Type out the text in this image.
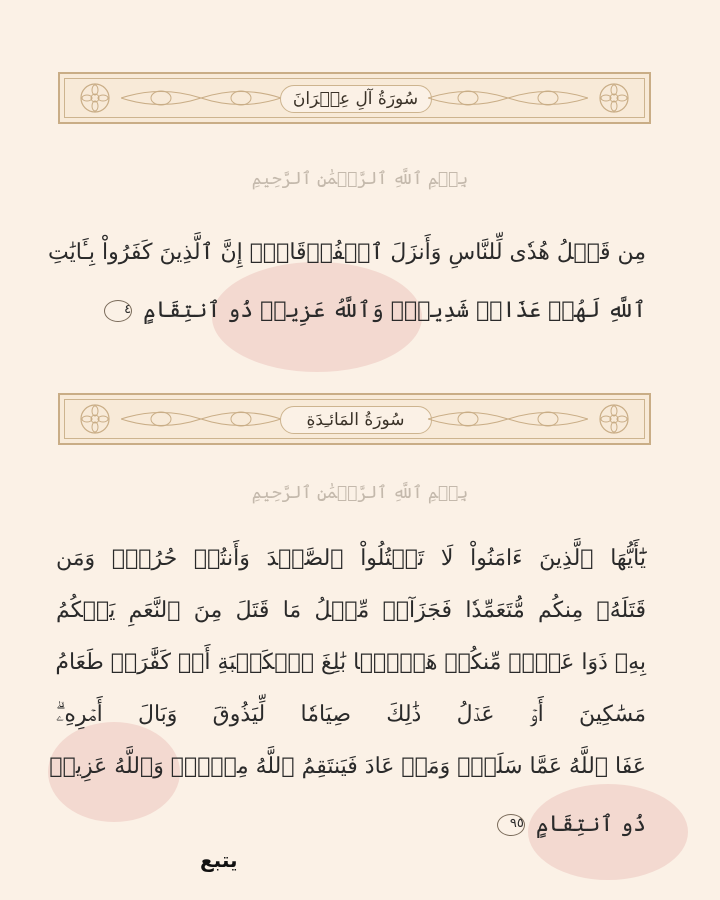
سُورَةُ آلِ عِمۡرَانَ
بِسۡمِ ٱللَّهِ ٱلرَّحۡمَٰنِ ٱلرَّحِيمِ
مِن قَبۡلُ هُدٗى لِّلنَّاسِ وَأَنزَلَ ٱلۡفُرۡقَانَۗ إِنَّ ٱلَّذِينَ كَفَرُواْ بِـَٔايَٰتِ
ٱللَّهِ لَهُمۡ عَذَابٞ شَدِيدٞۗ وَٱللَّهُ عَزِيزٞ ذُو ٱنتِقَامٍ ٤
سُورَةُ المَائـِدَةِ
بِسۡمِ ٱللَّهِ ٱلرَّحۡمَٰنِ ٱلرَّحِيمِ
يَٰٓأَيُّهَا ٱلَّذِينَ ءَامَنُواْ لَا تَقۡتُلُواْ ٱلصَّيۡدَ وَأَنتُمۡ حُرُمٞۚ وَمَن
قَتَلَهُۥ مِنكُم مُّتَعَمِّدٗا فَجَزَآءٞ مِّثۡلُ مَا قَتَلَ مِنَ ٱلنَّعَمِ يَحۡكُمُ
بِهِۦ ذَوَا عَدۡلٖ مِّنكُمۡ هَدۡيَۢا بَٰلِغَ ٱلۡكَعۡبَةِ أَوۡ كَفَّٰرَةٞ طَعَامُ
مَسَٰكِينَ أَوۡ عَدۡلُ ذَٰلِكَ صِيَامٗا لِّيَذُوقَ وَبَالَ أَمۡرِهِۦۗ
عَفَا ٱللَّهُ عَمَّا سَلَفَۚ وَمَنۡ عَادَ فَيَنتَقِمُ ٱللَّهُ مِنۡهُۚ وَٱللَّهُ عَزِيزٞ
ذُو ٱنتِقَامٍ ٩٥
يتبع
